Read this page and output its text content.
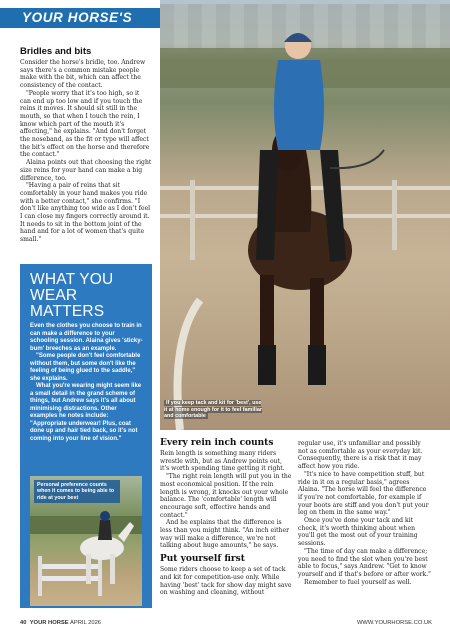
YOUR HORSE'S TRAINING
Bridles and bits

Consider the horse's bridle, too. Andrew says there's a common mistake people make with the bit, which can affect the consistency of the contact.

"People worry that it's too high, so it can end up too low and if you touch the reins it moves. It should sit still in the mouth, so that when I touch the rein, I know which part of the mouth it's affecting," he explains. "And don't forget the noseband, as the fit or type will affect the bit's effect on the horse and therefore the contact."

Alaina points out that choosing the right size reins for your hand can make a big difference, too.

"Having a pair of reins that sit comfortably in your hand makes you ride with a better contact," she confirms. "I don't like anything too wide as I don't feel I can close my fingers correctly around it. It needs to sit in the bottom joint of the hand and for a lot of women that's quite small."

If you keep tack and kit for 'best', use it at home enough for it to feel familiar and comfortable
WHAT YOU
WEAR MATTERS
Even the clothes you choose to train in can make a difference to your schooling session. Alaina gives 'sticky-bum' breeches as an example.

"Some people don't feel comfortable without them, but some don't like the feeling of being glued to the saddle," she explains.

What you're wearing might seem like a small detail in the grand scheme of things, but Andrew says it's all about minimising distractions. Other examples he notes include: "Appropriate underwear! Plus, coat done up and hair tied back, so it's not coming into your line of vision."

Personal preference counts when it comes to being able to ride at your best
Every rein inch counts

Rein length is something many riders wrestle with, but as Andrew points out, it's worth spending time getting it right.

"The right rein length will put you in the most economical position. If the rein length is wrong, it knocks out your whole balance. The 'comfortable' length will encourage soft, effective hands and contact."

And he explains that the difference is less than you might think. "An inch either way will make a difference, we're not talking about huge amounts," he says.

Put yourself first

Some riders choose to keep a set of tack and kit for competition-use only. While having 'best' tack for show day might save on washing and cleaning, without

regular use, it's unfamiliar and possibly not as comfortable as your everyday kit. Consequently, there is a risk that it may affect how you ride.

"It's nice to have competition stuff, but ride in it on a regular basis," agrees Alaina. "The horse will feel the difference if you're not comfortable, for example if your boots are stiff and you don't put your leg on them in the same way."

Once you've done your tack and kit check, it's worth thinking about when you'll get the most out of your training sessions.

"The time of day can make a difference; you need to find the slot when you're best able to focus," says Andrew. "Get to know yourself and if that's before or after work."

Remember to fuel yourself as well.

40 YOUR HORSE APRIL 2026	WWW.YOURHORSE.CO.UK
